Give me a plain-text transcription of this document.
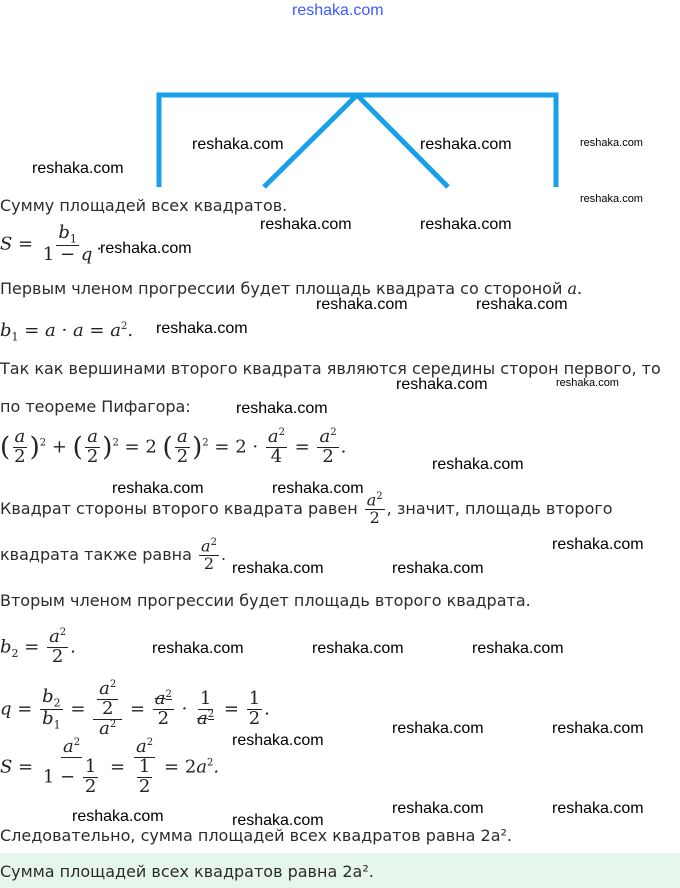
reshaka.com
reshaka.com	reshaka.com	reshaka.com
reshaka.com
reshaka.com
reshaka.com	reshaka.com
reshaka.com
reshaka.com	reshaka.com
reshaka.com
reshaka.com	reshaka.com
reshaka.com
reshaka.com
reshaka.com	reshaka.com
reshaka.com
reshaka.com	reshaka.com
reshaka.com	reshaka.com	reshaka.com
reshaka.com	reshaka.com
reshaka.com
reshaka.com	reshaka.com
reshaka.com	reshaka.com
Сумму площадей всех квадратов.
$S = \frac{b_1}{1 - q}$ .
Первым членом прогрессии будет площадь квадрата со стороной a.
$b_1 = a \cdot a = a^2$.
Так как вершинами второго квадрата являются середины сторон первого, то
по теореме Пифагора:
( $\frac{a}{2} )^2$ + ( $\frac{a}{2} )^2 = 2$ ( $\frac{a}{2} )^2 = 2 \cdot \frac{a^2}{4} = \frac{a^2}{2}$ .
Квадрат стороны второго квадрата равен $\frac{a^2}{2}$ , значит, площадь второго
квадрата также равна $\frac{a^2}{2}$ .
Вторым членом прогрессии будет площадь второго квадрата.
$b_2 = \frac{a^2}{2}$ .
$q = \frac{b_2}{b_1} = \frac{\frac{a^2}{2}}{a^2} = \frac{a^2}{2} \cdot \frac{1}{a^2} = \frac{1}{2}$ .
$S = \frac{a^2}{1 - \frac{1}{2}} = \frac{a^2}{\frac{1}{2}} = 2a^2$.
Следовательно, сумма площадей всех квадратов равна 2a².
Сумма площадей всех квадратов равна 2a².
